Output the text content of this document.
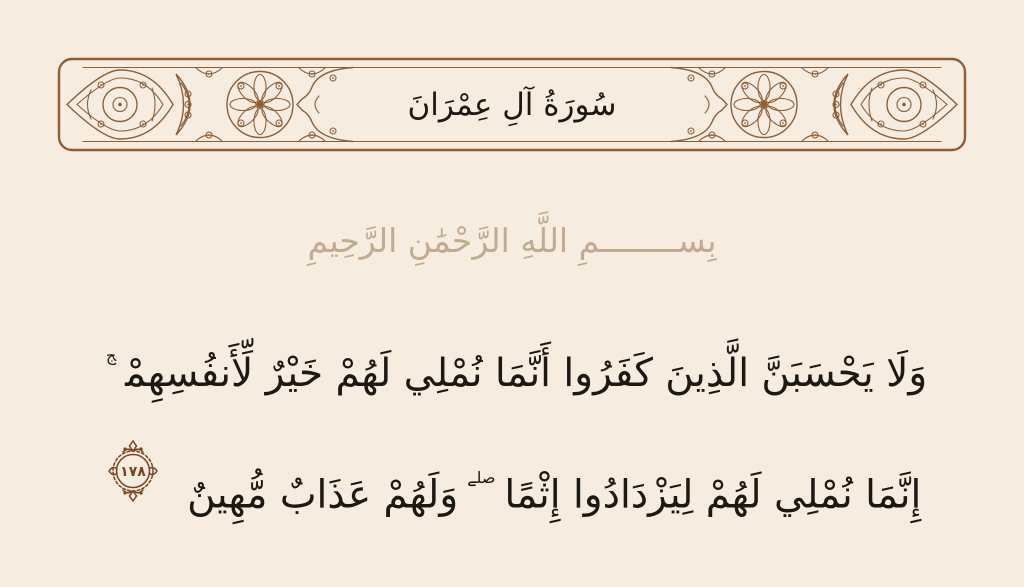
سُورَةُ آلِ عِمْرَانَ
بِســــــــمِ اللَّهِ الرَّحْمَٰنِ الرَّحِيمِ
وَلَا يَحْسَبَنَّ الَّذِينَ كَفَرُوا أَنَّمَا نُمْلِي لَهُمْ خَيْرٌ لِّأَنفُسِهِمْ$^ج$
إِنَّمَا نُمْلِي لَهُمْ لِيَزْدَادُوا إِثْمًا$^{صلے}$وَلَهُمْ عَذَابٌ مُّهِينٌ
١٧٨
